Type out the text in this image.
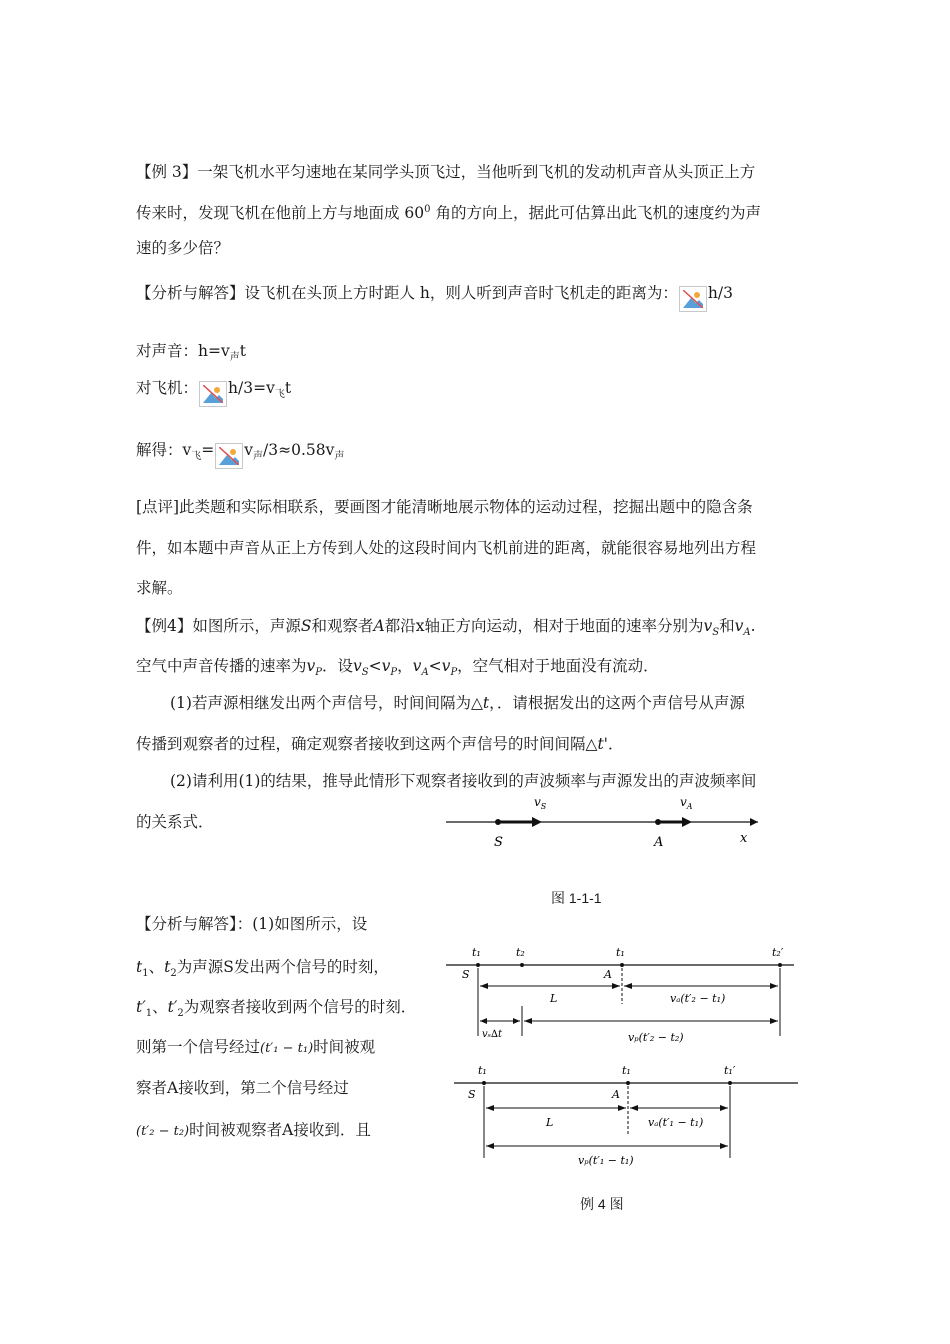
【例 3】一架飞机水平匀速地在某同学头顶飞过，当他听到飞机的发动机声音从头顶正上方
传来时，发现飞机在他前上方与地面成 $60^0$ 角的方向上，据此可估算出此飞机的速度约为声
速的多少倍？
【分析与解答】设飞机在头顶上方时距人 h，则人听到声音时飞机走的距离为： h/3
对声音：$h=v_声t$
对飞机： $h/3=v_飞t$
解得：$v_飞= v_声/3\approx 0.58v_声$
[点评]此类题和实际相联系，要画图才能清晰地展示物体的运动过程，挖掘出题中的隐含条
件，如本题中声音从正上方传到人处的这段时间内飞机前进的距离，就能很容易地列出方程
求解。
【例4】如图所示，声源S和观察者A都沿x轴正方向运动，相对于地面的速率分别为$v_S$和$v_A$.
空气中声音传播的速率为$v_P$．设$v_S<v_P$，$v_A<v_P$，空气相对于地面没有流动．
(1)若声源相继发出两个声信号，时间间隔为△t，．请根据发出的这两个声信号从声源
传播到观察者的过程，确定观察者接收到这两个声信号的时间间隔△t'．
(2)请利用(1)的结果，推导此情形下观察者接收到的声波频率与声源发出的声波频率间
的关系式．
$v_S$	$v_A$
S	A	x
图 1-1-1
【分析与解答】：(1)如图所示，设
$t_1$、$t_2$为声源S发出两个信号的时刻，
$t'_1$、$t'_2$为观察者接收到两个信号的时刻．
则第一个信号经过(t′₁ − t₁)时间被观
察者A接收到，第二个信号经过
(t′₂ − t₂)时间被观察者A接收到．且
t₁	t₂	t₁	t₂′
S	A
L	vₐ(t′₂ − t₁)
vₛ∆t	vₚ(t′₂ − t₂)
t₁	t₁	t₁′
S	A
L	vₐ(t′₁ − t₁)
vₚ(t′₁ − t₁)
例 4 图
